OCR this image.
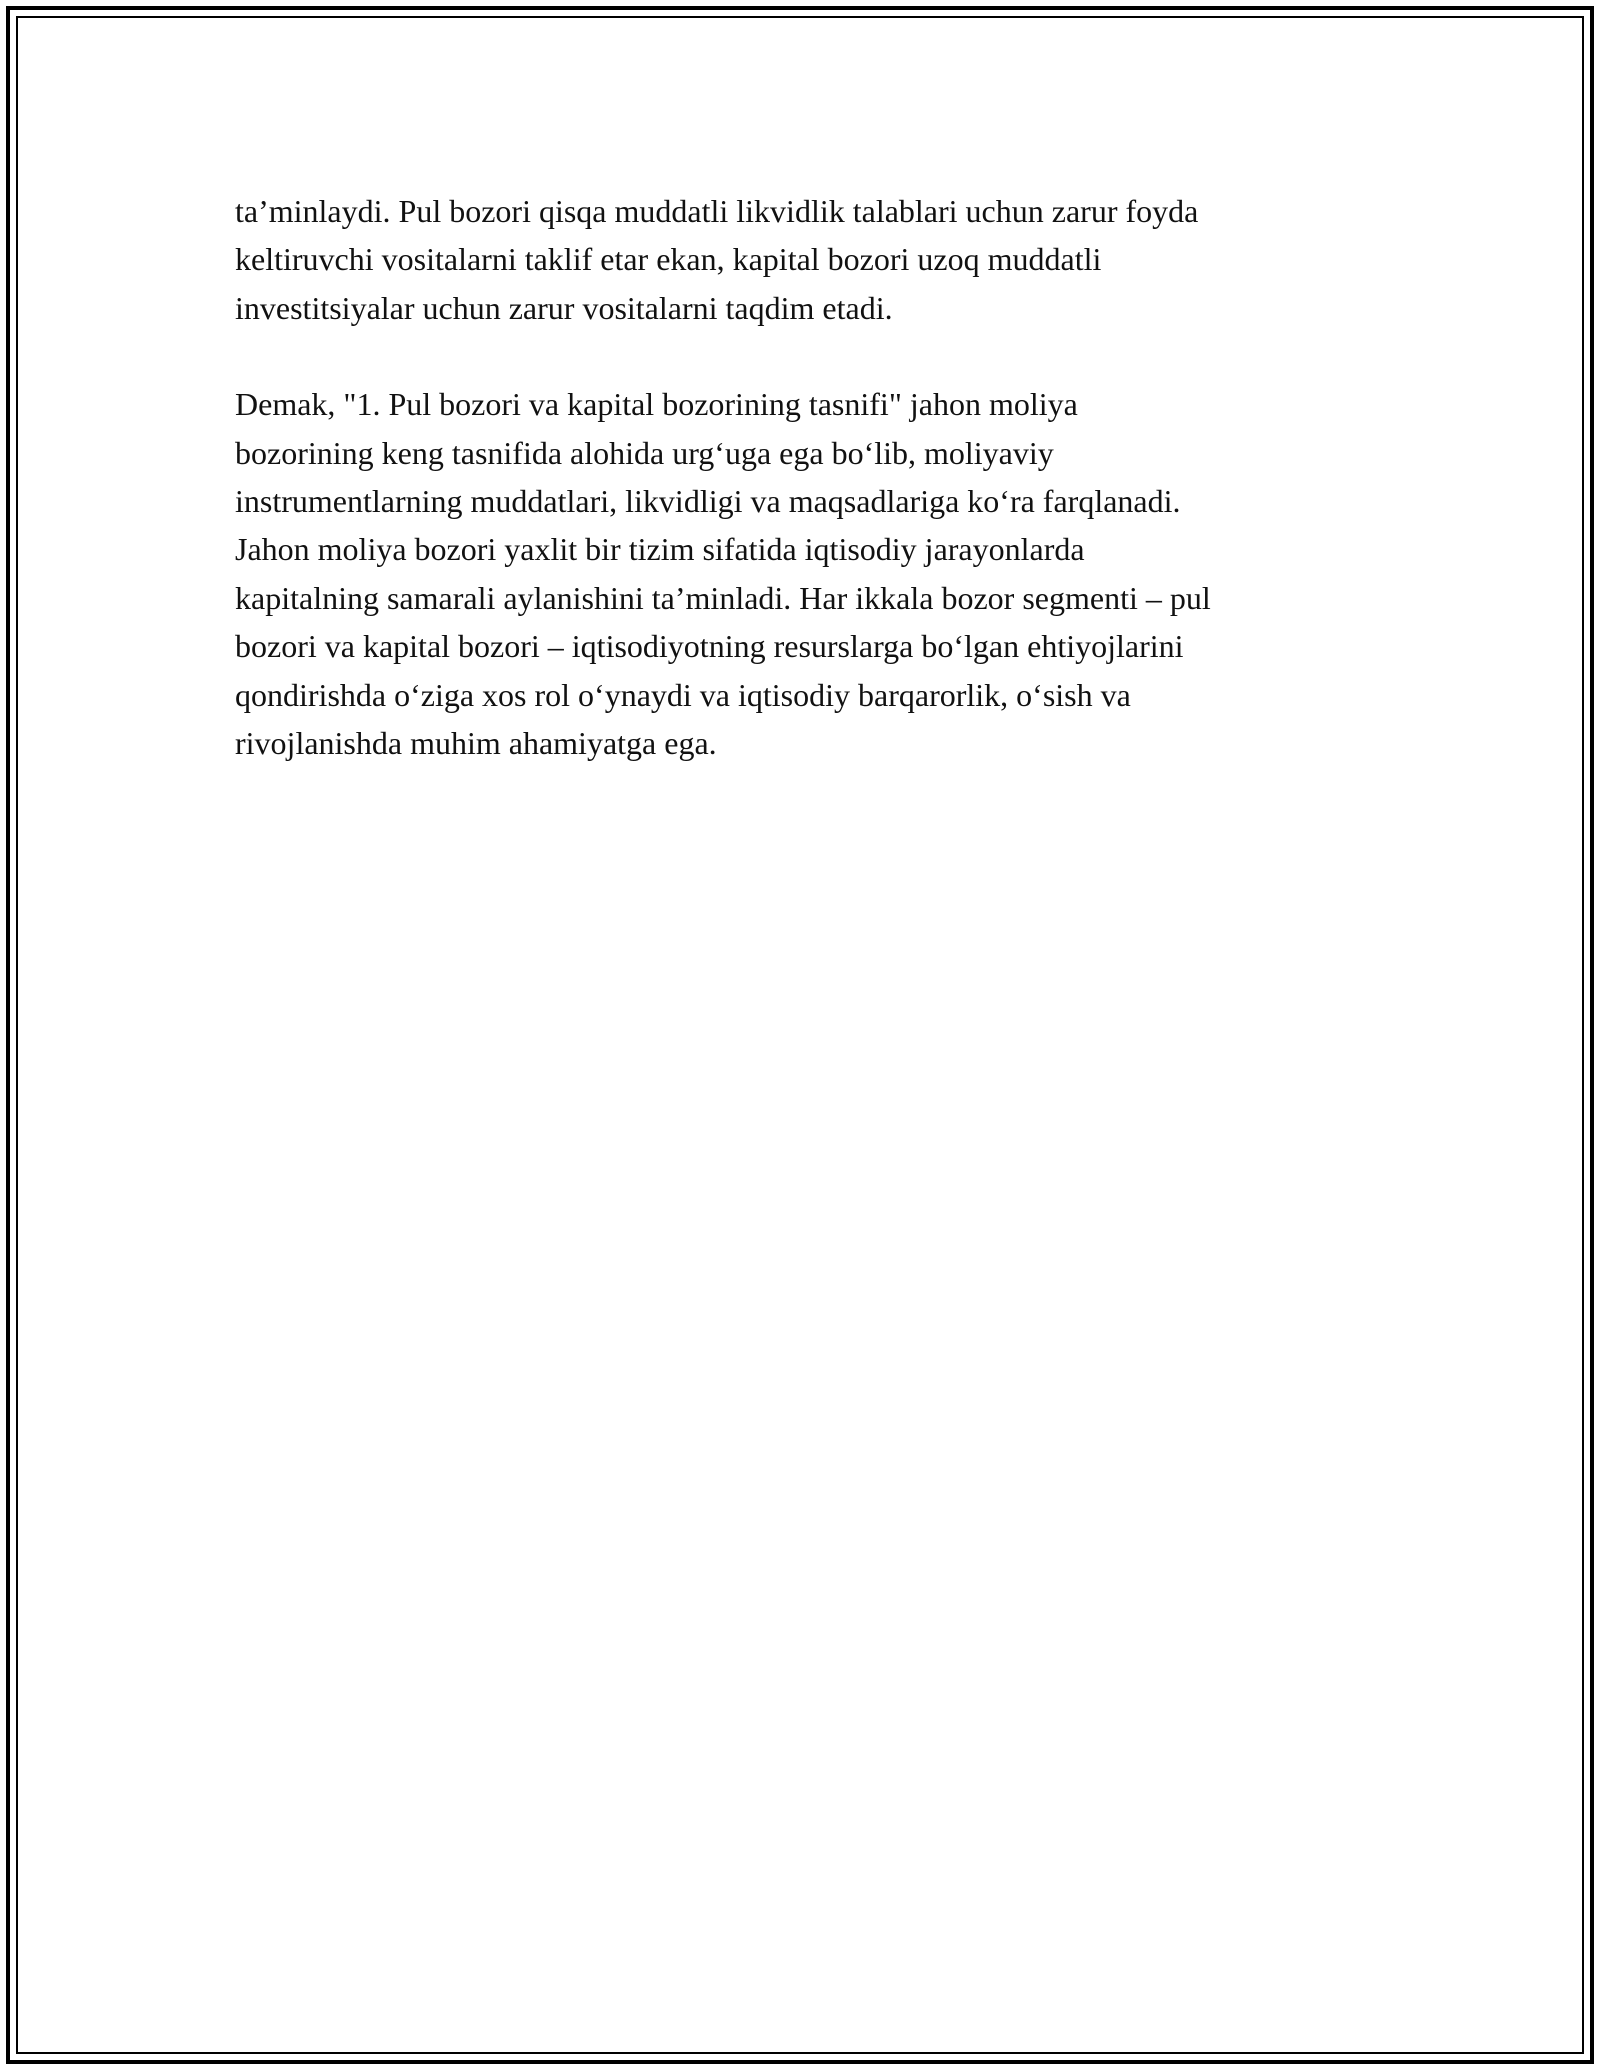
ta’minlaydi. Pul bozori qisqa muddatli likvidlik talablari uchun zarur foyda
keltiruvchi vositalarni taklif etar ekan, kapital bozori uzoq muddatli
investitsiyalar uchun zarur vositalarni taqdim etadi.

Demak, "1. Pul bozori va kapital bozorining tasnifi" jahon moliya
bozorining keng tasnifida alohida urg‘uga ega bo‘lib, moliyaviy
instrumentlarning muddatlari, likvidligi va maqsadlariga ko‘ra farqlanadi.
Jahon moliya bozori yaxlit bir tizim sifatida iqtisodiy jarayonlarda
kapitalning samarali aylanishini ta’minladi. Har ikkala bozor segmenti – pul
bozori va kapital bozori – iqtisodiyotning resurslarga bo‘lgan ehtiyojlarini
qondirishda o‘ziga xos rol o‘ynaydi va iqtisodiy barqarorlik, o‘sish va
rivojlanishda muhim ahamiyatga ega.
